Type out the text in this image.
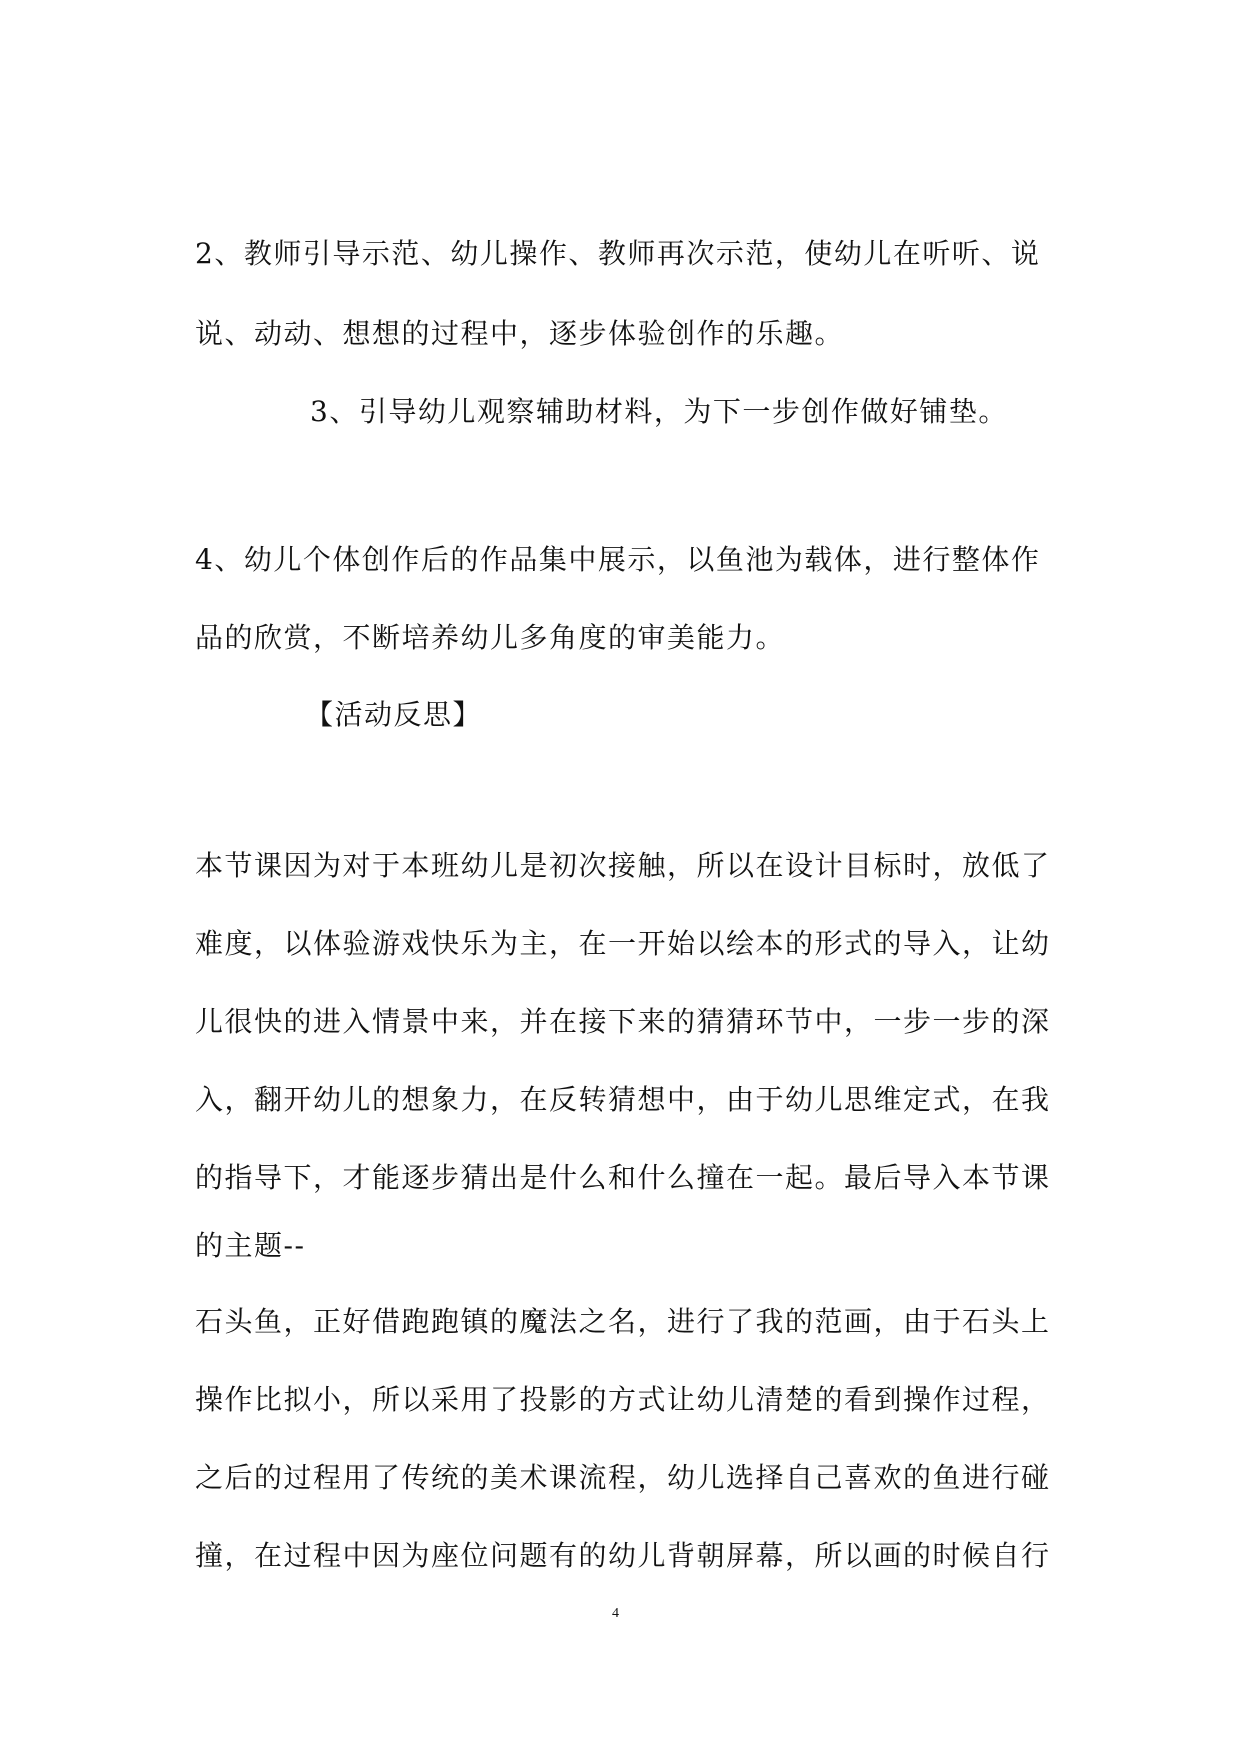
2、教师引导示范、幼儿操作、教师再次示范，使幼儿在听听、说
说、动动、想想的过程中，逐步体验创作的乐趣。
3、引导幼儿观察辅助材料，为下一步创作做好铺垫。
4、幼儿个体创作后的作品集中展示，以鱼池为载体，进行整体作
品的欣赏，不断培养幼儿多角度的审美能力。
【活动反思】
本节课因为对于本班幼儿是初次接触，所以在设计目标时，放低了
难度，以体验游戏快乐为主，在一开始以绘本的形式的导入，让幼
儿很快的进入情景中来，并在接下来的猜猜环节中，一步一步的深
入，翻开幼儿的想象力，在反转猜想中，由于幼儿思维定式，在我
的指导下，才能逐步猜出是什么和什么撞在一起。最后导入本节课
的主题--
石头鱼，正好借跑跑镇的魔法之名，进行了我的范画，由于石头上
操作比拟小，所以采用了投影的方式让幼儿清楚的看到操作过程，
之后的过程用了传统的美术课流程，幼儿选择自己喜欢的鱼进行碰
撞，在过程中因为座位问题有的幼儿背朝屏幕，所以画的时候自行
4
